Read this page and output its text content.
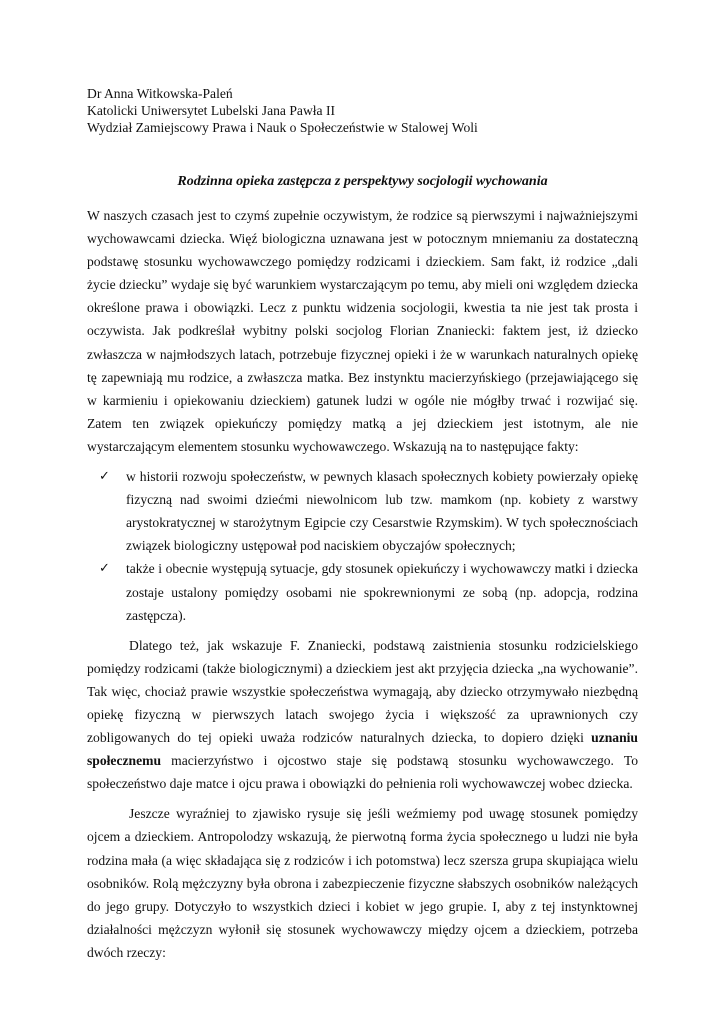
Dr Anna Witkowska-Paleń
Katolicki Uniwersytet Lubelski Jana Pawła II
Wydział Zamiejscowy Prawa i Nauk o Społeczeństwie w Stalowej Woli
Rodzinna opieka zastępcza z perspektywy socjologii wychowania

W naszych czasach jest to czymś zupełnie oczywistym, że rodzice są pierwszymi i najważniejszymi wychowawcami dziecka. Więź biologiczna uznawana jest w potocznym mniemaniu za dostateczną podstawę stosunku wychowawczego pomiędzy rodzicami i dzieckiem. Sam fakt, iż rodzice „dali życie dziecku” wydaje się być warunkiem wystarczającym po temu, aby mieli oni względem dziecka określone prawa i obowiązki. Lecz z punktu widzenia socjologii, kwestia ta nie jest tak prosta i oczywista. Jak podkreślał wybitny polski socjolog Florian Znaniecki: faktem jest, iż dziecko zwłaszcza w najmłodszych latach, potrzebuje fizycznej opieki i że w warunkach naturalnych opiekę tę zapewniają mu rodzice, a zwłaszcza matka. Bez instynktu macierzyńskiego (przejawiającego się w karmieniu i opiekowaniu dzieckiem) gatunek ludzi w ogóle nie mógłby trwać i rozwijać się. Zatem ten związek opiekuńczy pomiędzy matką a jej dzieckiem jest istotnym, ale nie wystarczającym elementem stosunku wychowawczego. Wskazują na to następujące fakty:

✓ w historii rozwoju społeczeństw, w pewnych klasach społecznych kobiety powierzały opiekę fizyczną nad swoimi dziećmi niewolnicom lub tzw. mamkom (np. kobiety z warstwy arystokratycznej w starożytnym Egipcie czy Cesarstwie Rzymskim). W tych społecznościach związek biologiczny ustępował pod naciskiem obyczajów społecznych;
✓ także i obecnie występują sytuacje, gdy stosunek opiekuńczy i wychowawczy matki i dziecka zostaje ustalony pomiędzy osobami nie spokrewnionymi ze sobą (np. adopcja, rodzina zastępcza).

Dlatego też, jak wskazuje F. Znaniecki, podstawą zaistnienia stosunku rodzicielskiego pomiędzy rodzicami (także biologicznymi) a dzieckiem jest akt przyjęcia dziecka „na wychowanie”. Tak więc, chociaż prawie wszystkie społeczeństwa wymagają, aby dziecko otrzymywało niezbędną opiekę fizyczną w pierwszych latach swojego życia i większość za uprawnionych czy zobligowanych do tej opieki uważa rodziców naturalnych dziecka, to dopiero dzięki uznaniu społecznemu macierzyństwo i ojcostwo staje się podstawą stosunku wychowawczego. To społeczeństwo daje matce i ojcu prawa i obowiązki do pełnienia roli wychowawczej wobec dziecka.

Jeszcze wyraźniej to zjawisko rysuje się jeśli weźmiemy pod uwagę stosunek pomiędzy ojcem a dzieckiem. Antropolodzy wskazują, że pierwotną forma życia społecznego u ludzi nie była rodzina mała (a więc składająca się z rodziców i ich potomstwa) lecz szersza grupa skupiająca wielu osobników. Rolą mężczyzny była obrona i zabezpieczenie fizyczne słabszych osobników należących do jego grupy. Dotyczyło to wszystkich dzieci i kobiet w jego grupie. I, aby z tej instynktownej działalności mężczyzn wyłonił się stosunek wychowawczy między ojcem a dzieckiem, potrzeba dwóch rzeczy:
